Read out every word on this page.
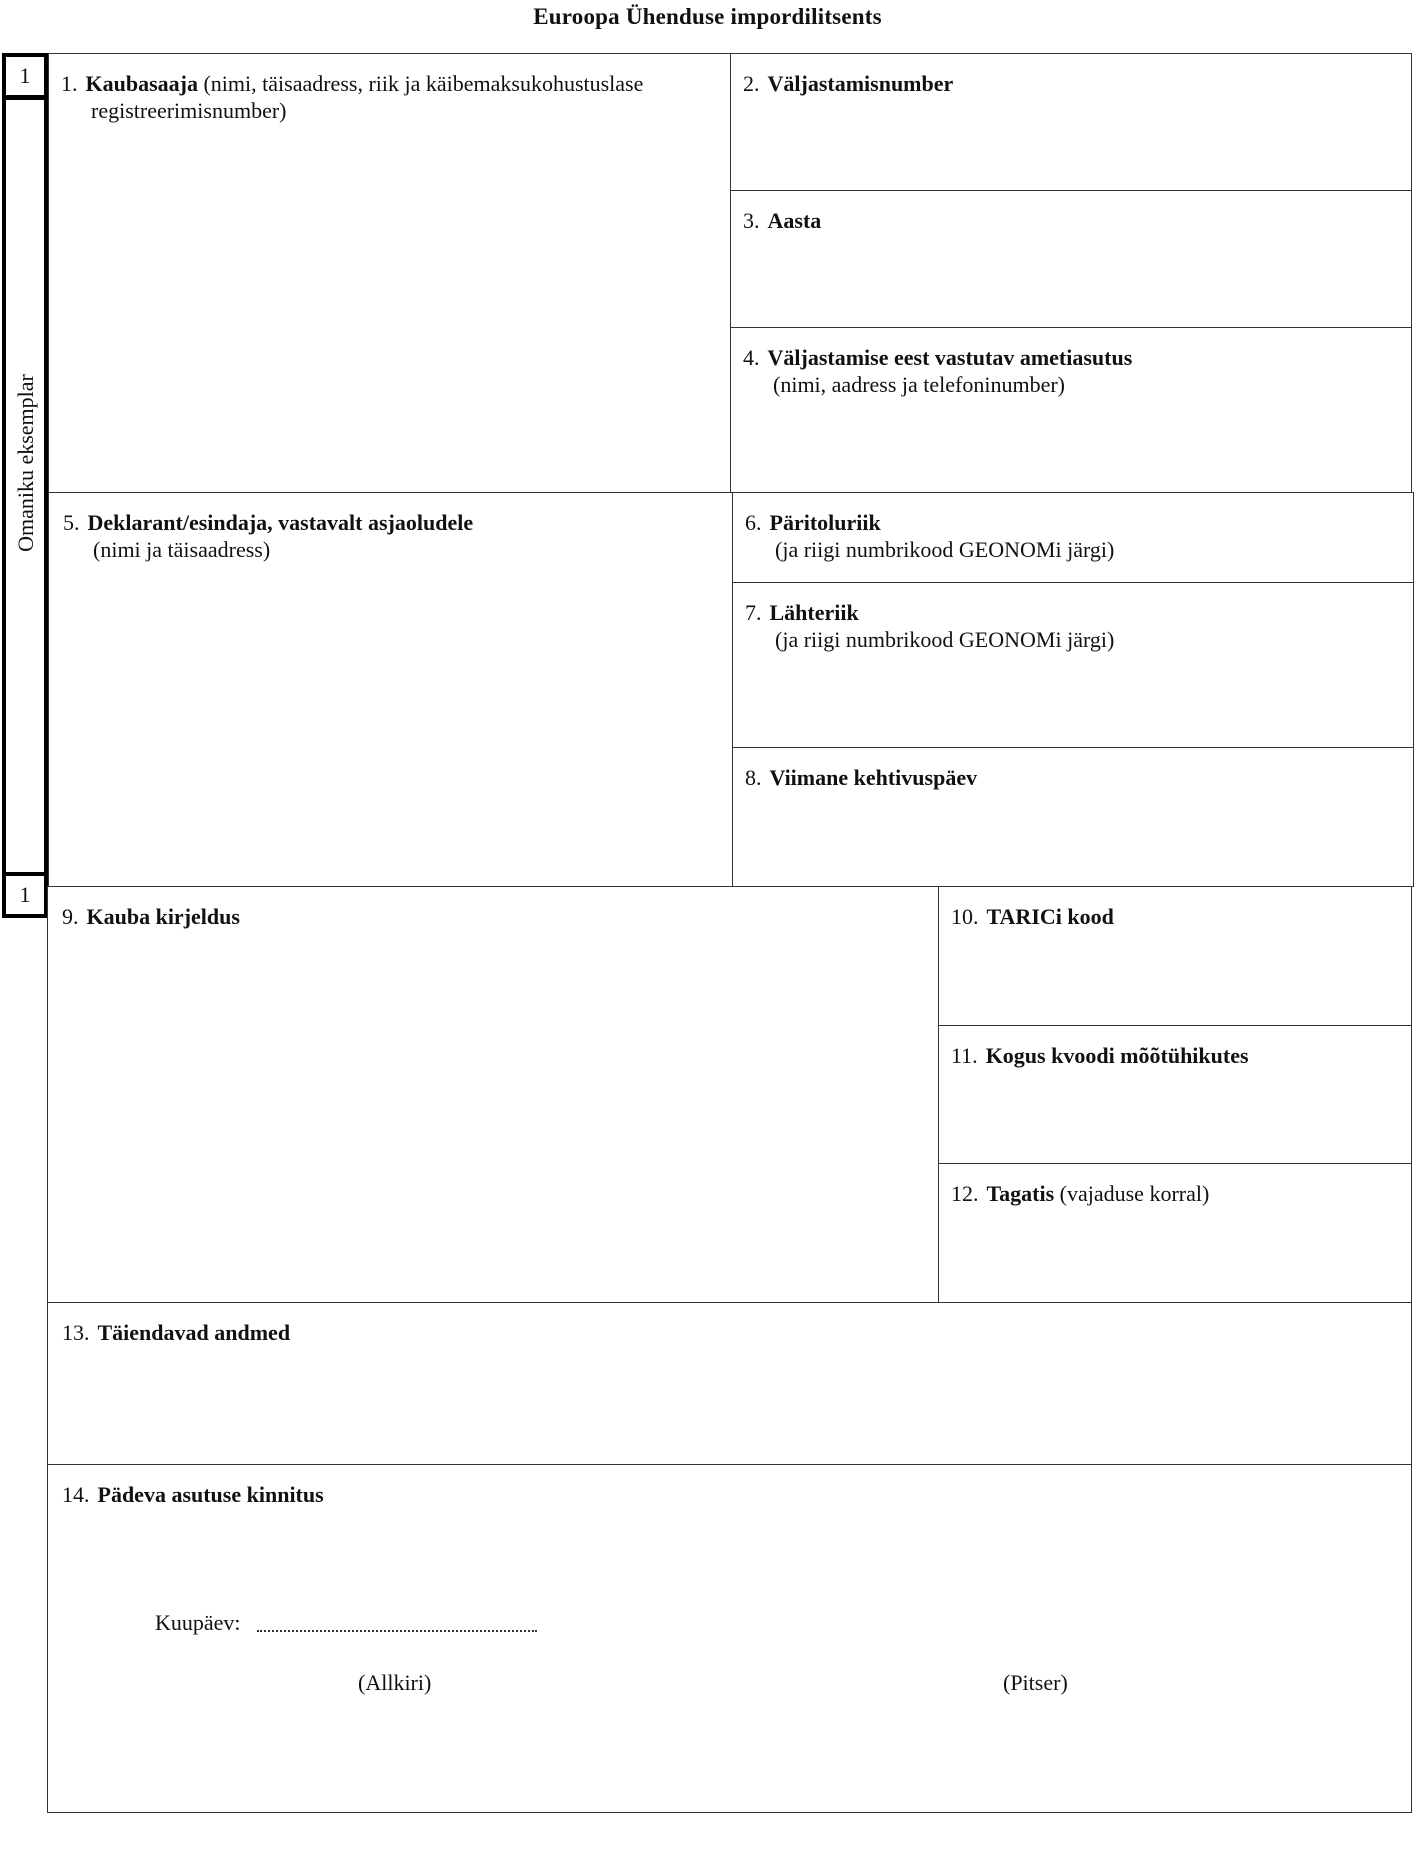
Euroopa Ühenduse impordilitsents
1
Omaniku eksemplar
1
1. Kaubasaaja (nimi, täisaadress, riik ja käibemaksukohustuslase registreerimisnumber)
2. Väljastamisnumber
3. Aasta
4. Väljastamise eest vastutav ametiasutus
(nimi, aadress ja telefoninumber)
5. Deklarant/esindaja, vastavalt asjaoludele
(nimi ja täisaadress)
6. Päritoluriik
(ja riigi numbrikood GEONOMi järgi)
7. Lähteriik
(ja riigi numbrikood GEONOMi järgi)
8. Viimane kehtivuspäev
9. Kauba kirjeldus	10. TARICi kood
11. Kogus kvoodi mõõtühikutes
12. Tagatis (vajaduse korral)
13. Täiendavad andmed
14. Pädeva asutuse kinnitus
Kuupäev:
(Allkiri)	(Pitser)
